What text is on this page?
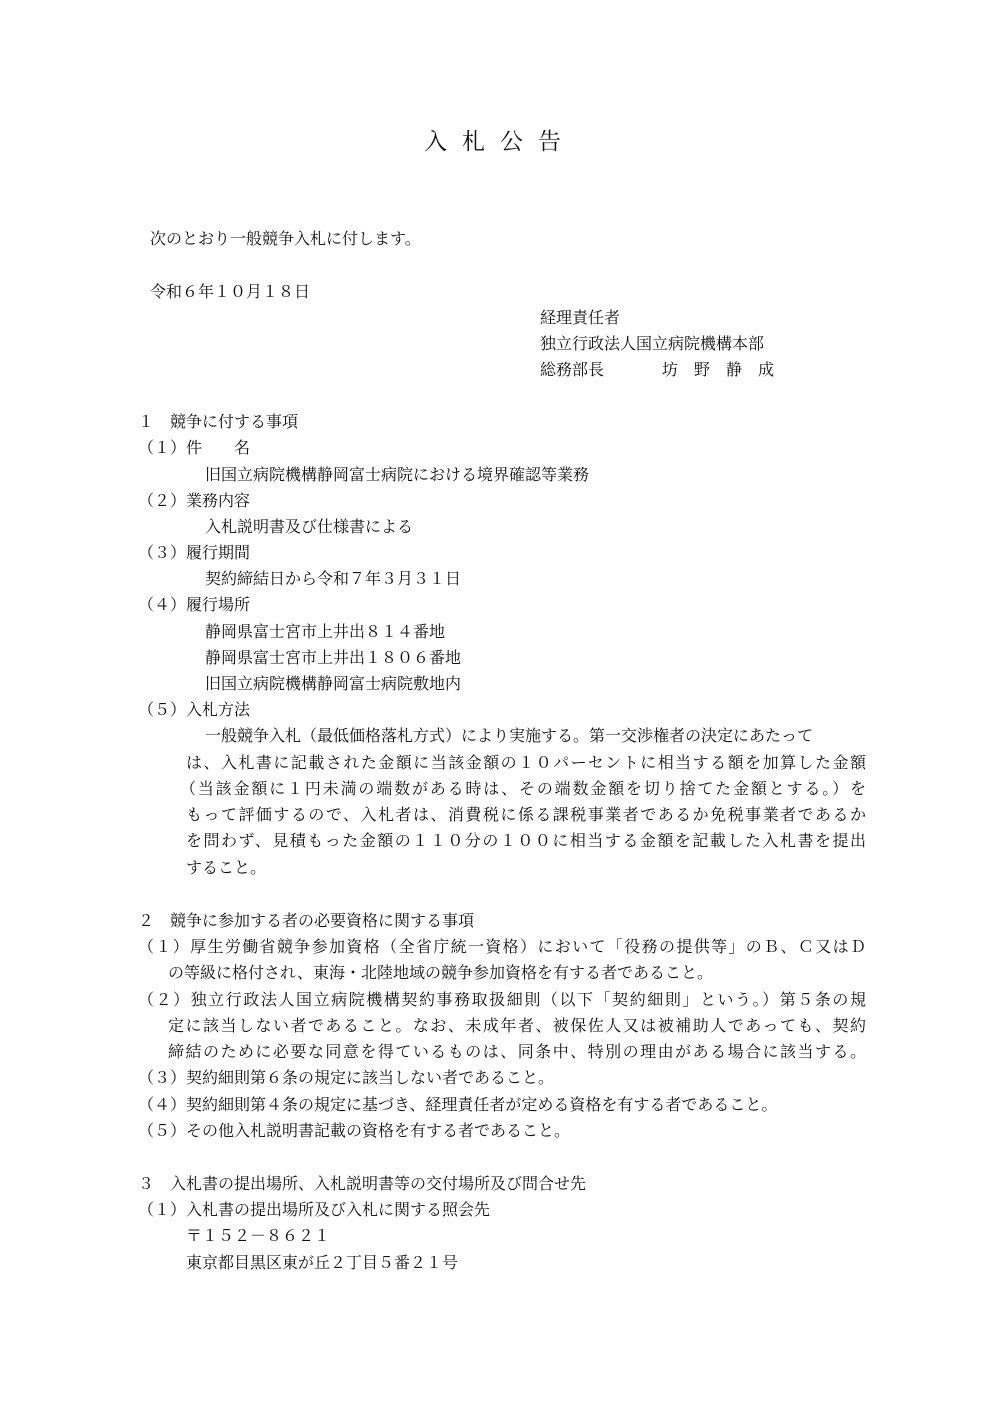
入札公告
次のとおり一般競争入札に付します。
令和６年１０月１８日
経理責任者
独立行政法人国立病院機構本部
総務部長	坊　野　静　成
１　競争に付する事項
（１）件　　名
旧国立病院機構静岡富士病院における境界確認等業務
（２）業務内容
入札説明書及び仕様書による
（３）履行期間
契約締結日から令和７年３月３１日
（４）履行場所
静岡県富士宮市上井出８１４番地
静岡県富士宮市上井出１８０６番地
旧国立病院機構静岡富士病院敷地内
（５）入札方法
一般競争入札（最低価格落札方式）により実施する。第一交渉権者の決定にあたって
は、入札書に記載された金額に当該金額の１０パーセントに相当する額を加算した金額
（当該金額に１円未満の端数がある時は、その端数金額を切り捨てた金額とする。）を
もって評価するので、入札者は、消費税に係る課税事業者であるか免税事業者であるか
を問わず、見積もった金額の１１０分の１００に相当する金額を記載した入札書を提出
すること。
２　競争に参加する者の必要資格に関する事項
（１）厚生労働省競争参加資格（全省庁統一資格）において「役務の提供等」のＢ、Ｃ又はＤ
の等級に格付され、東海・北陸地域の競争参加資格を有する者であること。
（２）独立行政法人国立病院機構契約事務取扱細則（以下「契約細則」という。）第５条の規
定に該当しない者であること。なお、未成年者、被保佐人又は被補助人であっても、契約
締結のために必要な同意を得ているものは、同条中、特別の理由がある場合に該当する。
（３）契約細則第６条の規定に該当しない者であること。
（４）契約細則第４条の規定に基づき、経理責任者が定める資格を有する者であること。
（５）その他入札説明書記載の資格を有する者であること。
３　入札書の提出場所、入札説明書等の交付場所及び問合せ先
（１）入札書の提出場所及び入札に関する照会先
〒１５２－８６２１
東京都目黒区東が丘２丁目５番２１号
